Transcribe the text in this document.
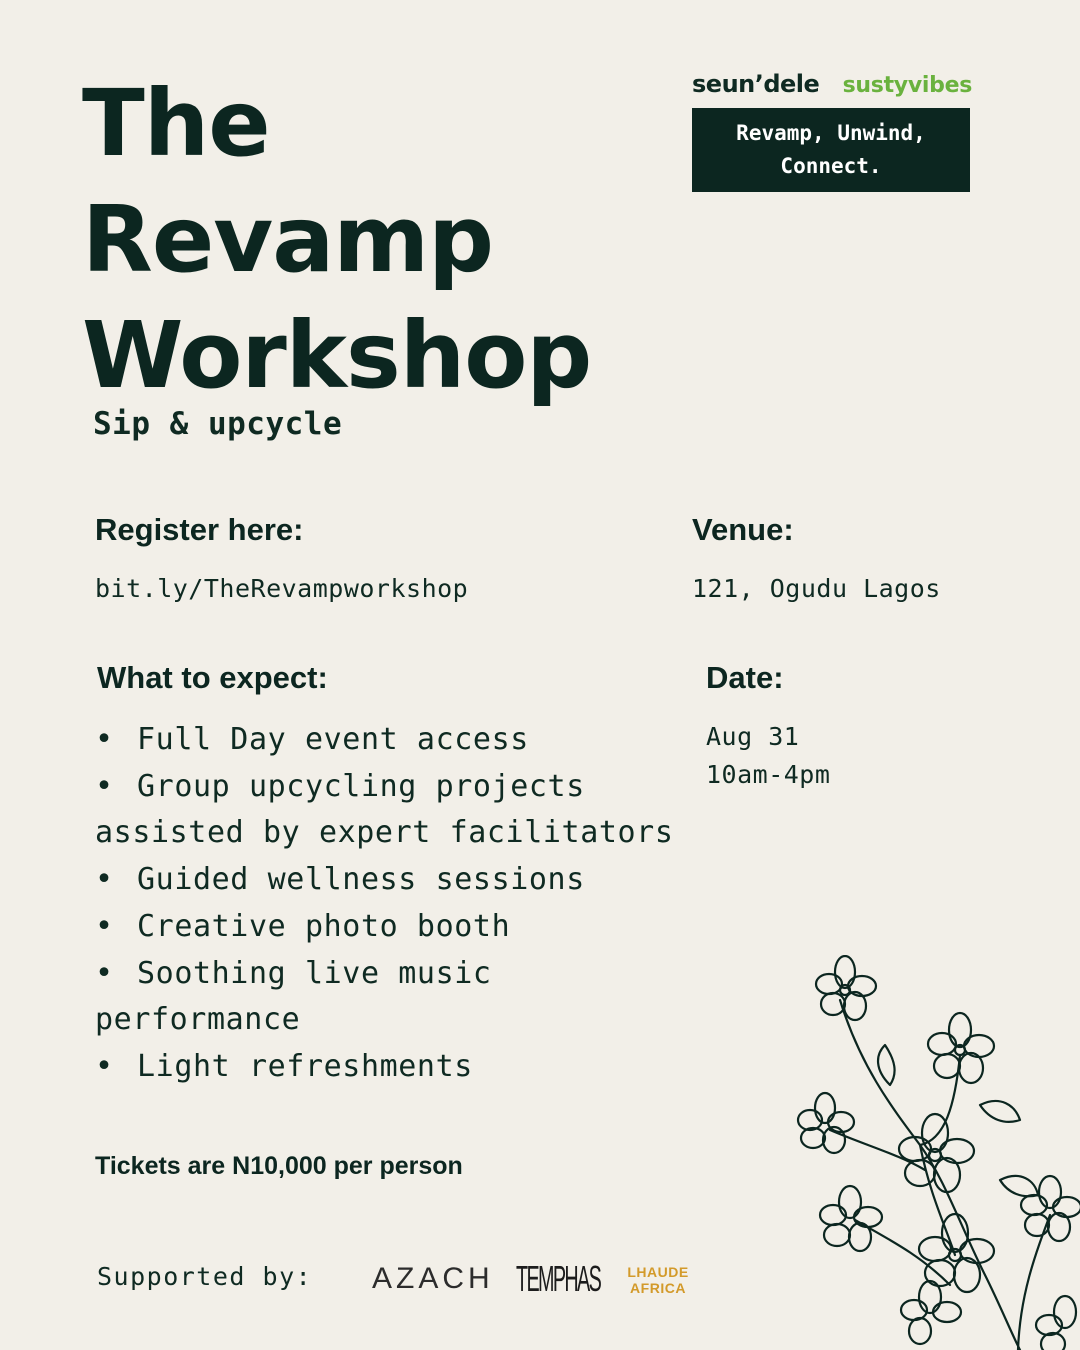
The
Revamp
Workshop
Sip & upcycle
seun’dele sustyvibes
Revamp, Unwind,
Connect.
Register here:
bit.ly/TheRevampworkshop
Venue:
121, Ogudu Lagos
What to expect:
• Full Day event access
• Group upcycling projects assisted by expert facilitators
• Guided wellness sessions
• Creative photo booth
• Soothing live music performance
• Light refreshments
Date:
Aug 31
10am-4pm
Tickets are N10,000 per person
Supported by: AZACH TEMPHAS	LHAUDE AFRICA
